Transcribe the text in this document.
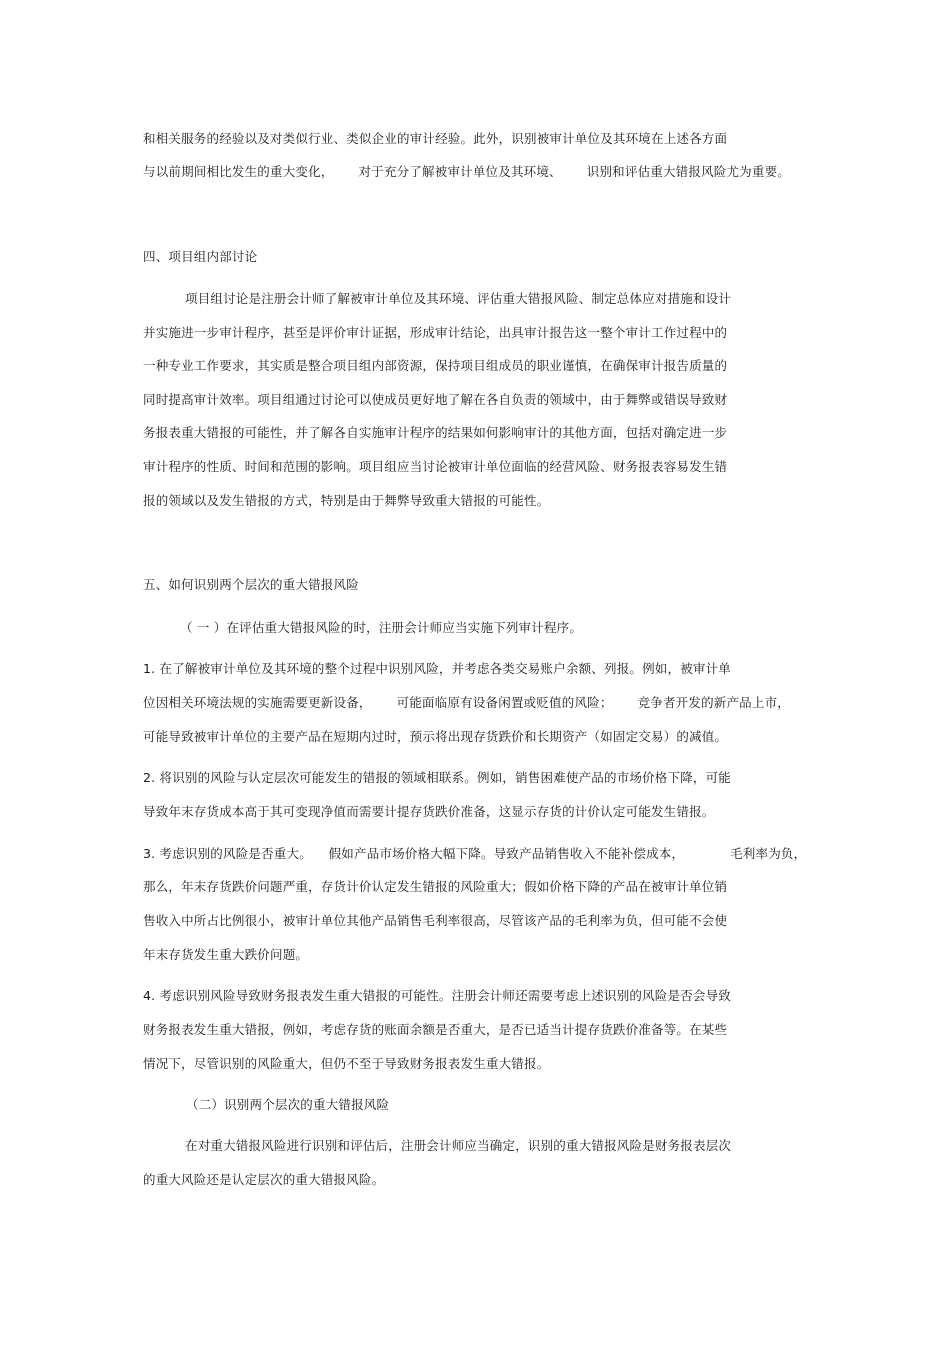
和相关服务的经验以及对类似行业、类似企业的审计经验。此外，识别被审计单位及其环境在上述各方面
与以前期间相比发生的重大变化，      对于充分了解被审计单位及其环境、      识别和评估重大错报风险尤为重要。
四、项目组内部讨论
项目组讨论是注册会计师了解被审计单位及其环境、评估重大错报风险、制定总体应对措施和设计
并实施进一步审计程序，甚至是评价审计证据，形成审计结论，出具审计报告这一整个审计工作过程中的
一种专业工作要求，其实质是整合项目组内部资源，保持项目组成员的职业谨慎，在确保审计报告质量的
同时提高审计效率。项目组通过讨论可以使成员更好地了解在各自负责的领域中，由于舞弊或错误导致财
务报表重大错报的可能性，并了解各自实施审计程序的结果如何影响审计的其他方面，包括对确定进一步
审计程序的性质、时间和范围的影响。项目组应当讨论被审计单位面临的经营风险、财务报表容易发生错
报的领域以及发生错报的方式，特别是由于舞弊导致重大错报的可能性。
五、如何识别两个层次的重大错报风险
（ 一 ）在评估重大错报风险的时，注册会计师应当实施下列审计程序。
1. 在了解被审计单位及其环境的整个过程中识别风险，并考虑各类交易账户余额、列报。例如，被审计单
位因相关环境法规的实施需要更新设备，      可能面临原有设备闲置或贬值的风险；      竞争者开发的新产品上市，
可能导致被审计单位的主要产品在短期内过时，预示将出现存货跌价和长期资产（如固定交易）的减值。
2. 将识别的风险与认定层次可能发生的错报的领域相联系。例如，销售困难使产品的市场价格下降，可能
导致年末存货成本高于其可变现净值而需要计提存货跌价准备，这显示存货的计价认定可能发生错报。
3. 考虑识别的风险是否重大。    假如产品市场价格大幅下降。导致产品销售收入不能补偿成本，           毛利率为负，
那么，年末存货跌价问题严重，存货计价认定发生错报的风险重大；假如价格下降的产品在被审计单位销
售收入中所占比例很小，被审计单位其他产品销售毛利率很高，尽管该产品的毛利率为负，但可能不会使
年末存货发生重大跌价问题。
4. 考虑识别风险导致财务报表发生重大错报的可能性。注册会计师还需要考虑上述识别的风险是否会导致
财务报表发生重大错报，例如，考虑存货的账面余额是否重大，是否已适当计提存货跌价准备等。在某些
情况下，尽管识别的风险重大，但仍不至于导致财务报表发生重大错报。
（二）识别两个层次的重大错报风险
在对重大错报风险进行识别和评估后，注册会计师应当确定，识别的重大错报风险是财务报表层次
的重大风险还是认定层次的重大错报风险。
